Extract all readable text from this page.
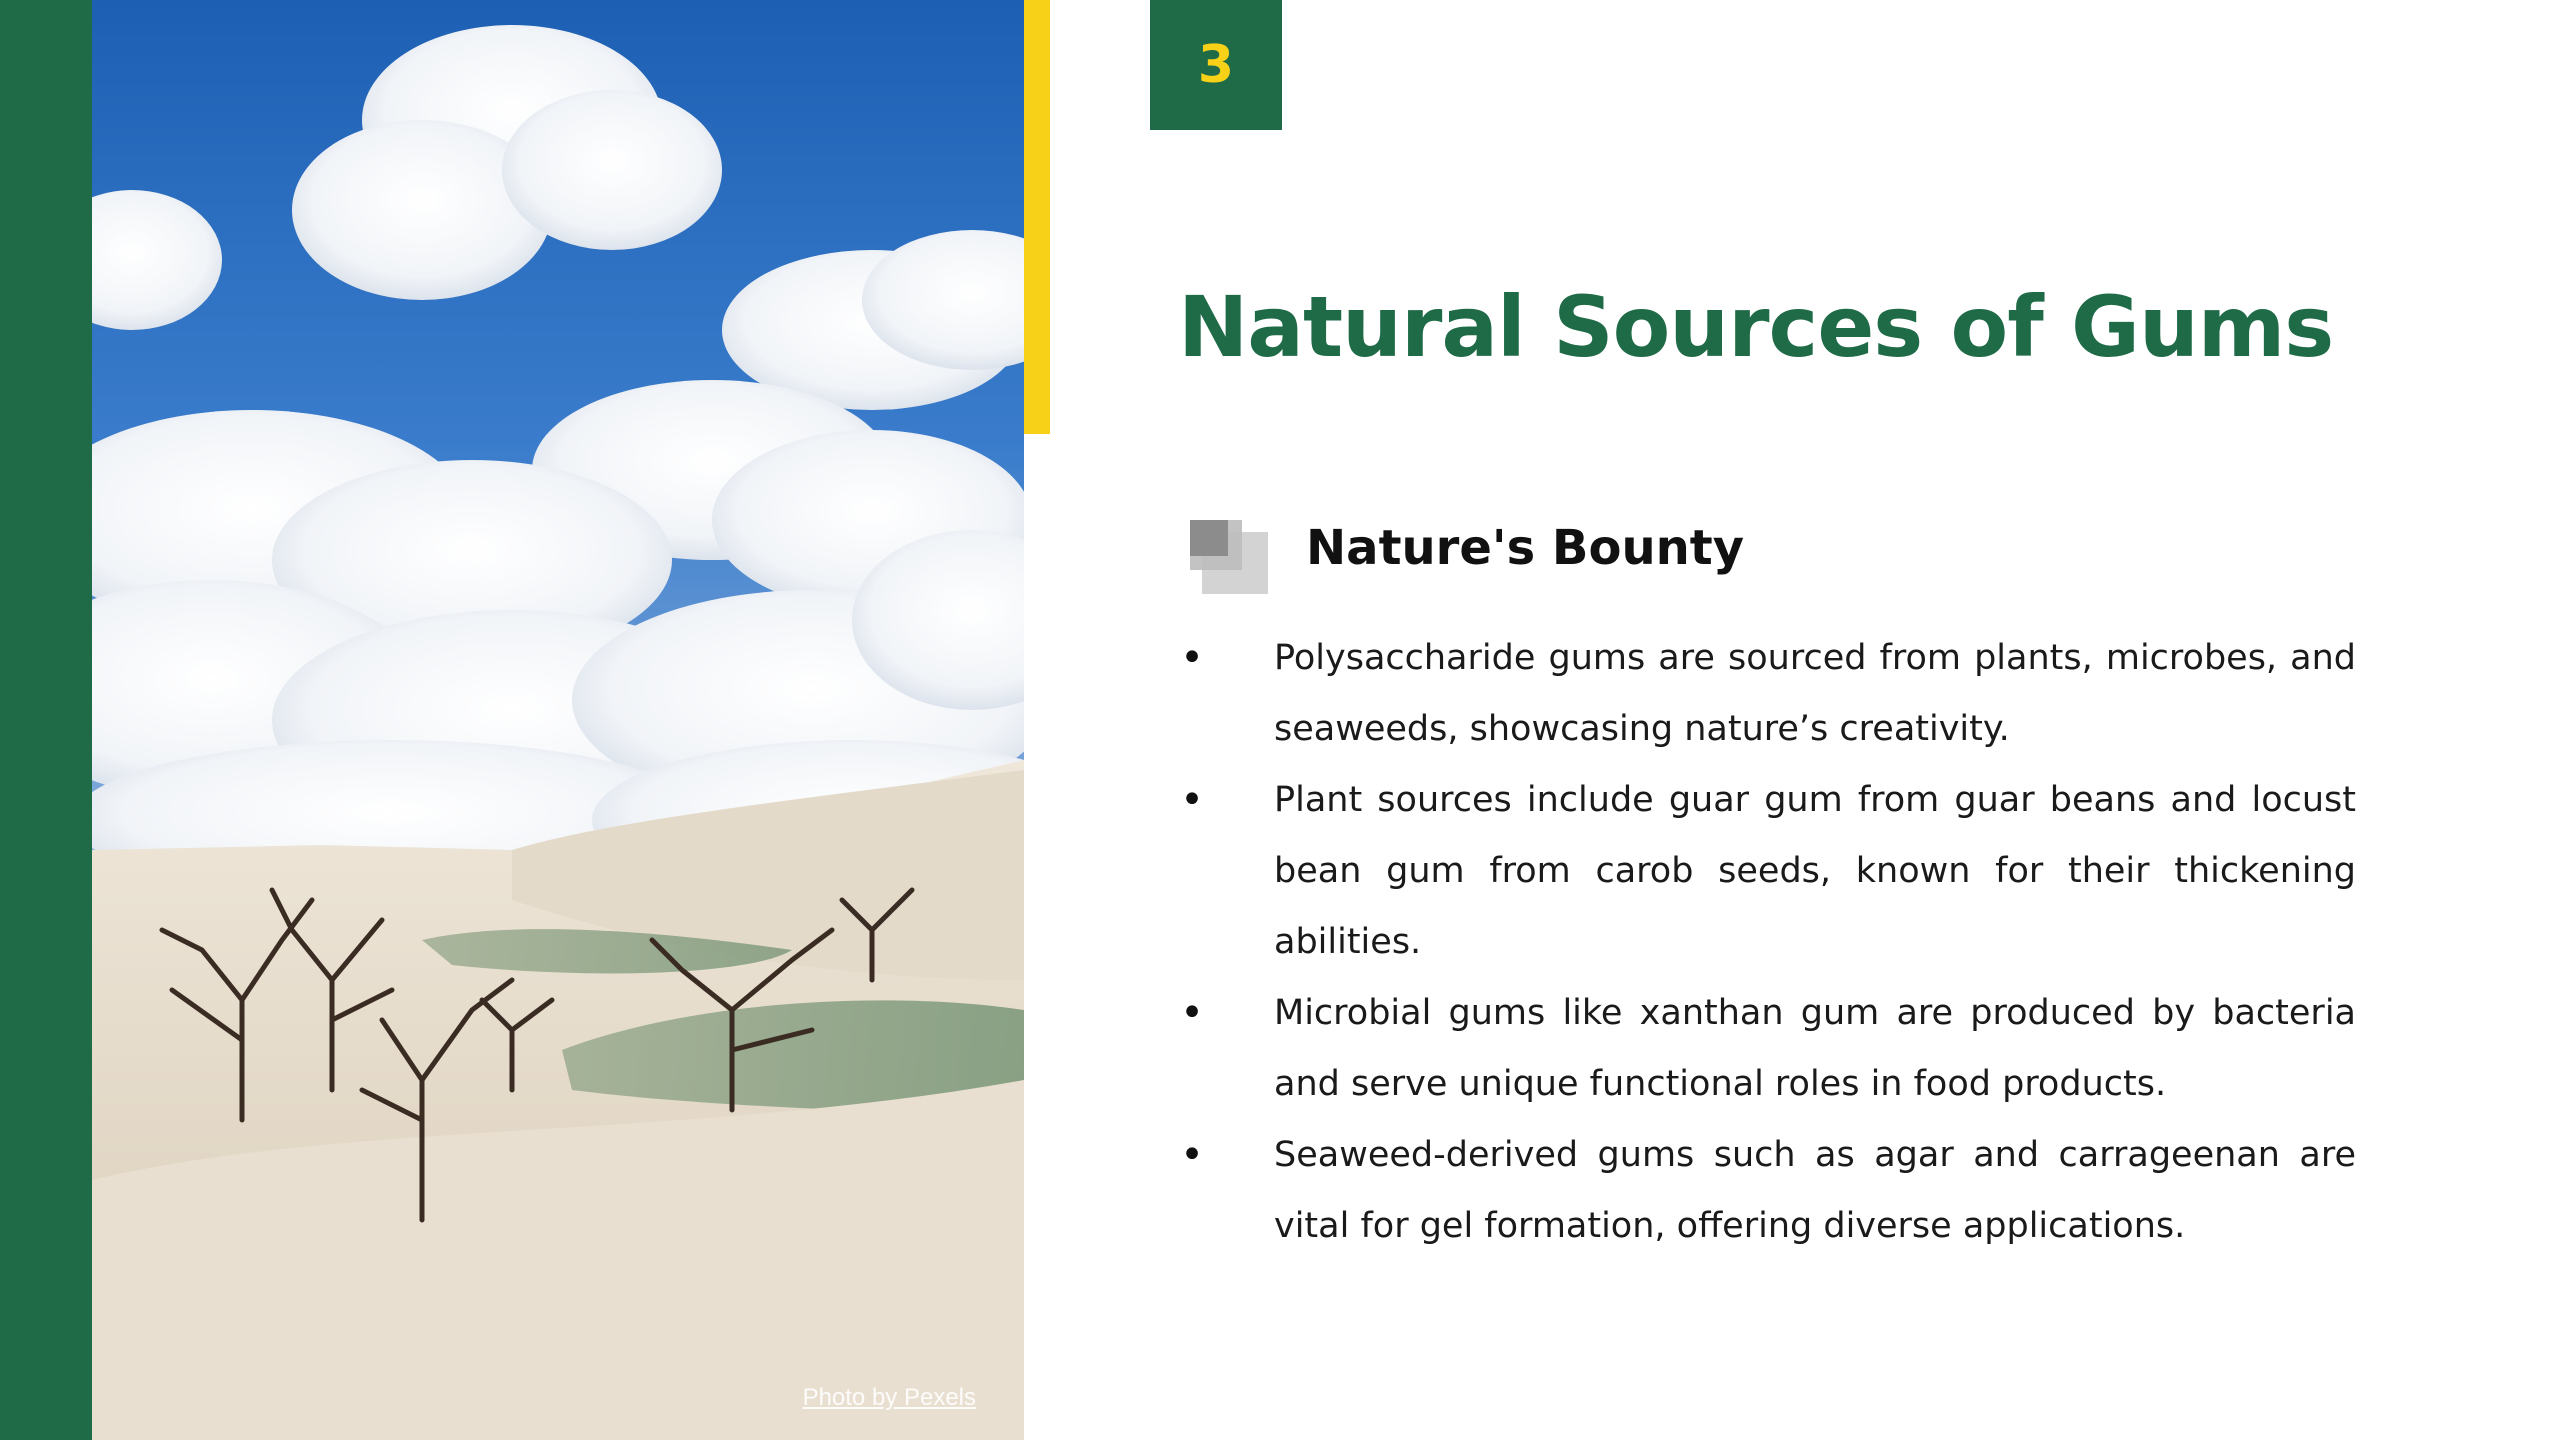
Photo by Pexels
3
Natural Sources of Gums
Nature's Bounty
• Polysaccharide gums are sourced from plants, microbes, and seaweeds, showcasing nature’s creativity.
• Plant sources include guar gum from guar beans and locust bean gum from carob seeds, known for their thickening abilities.
• Microbial gums like xanthan gum are produced by bacteria and serve unique functional roles in food products.
• Seaweed-derived gums such as agar and carrageenan are vital for gel formation, offering diverse applications.
